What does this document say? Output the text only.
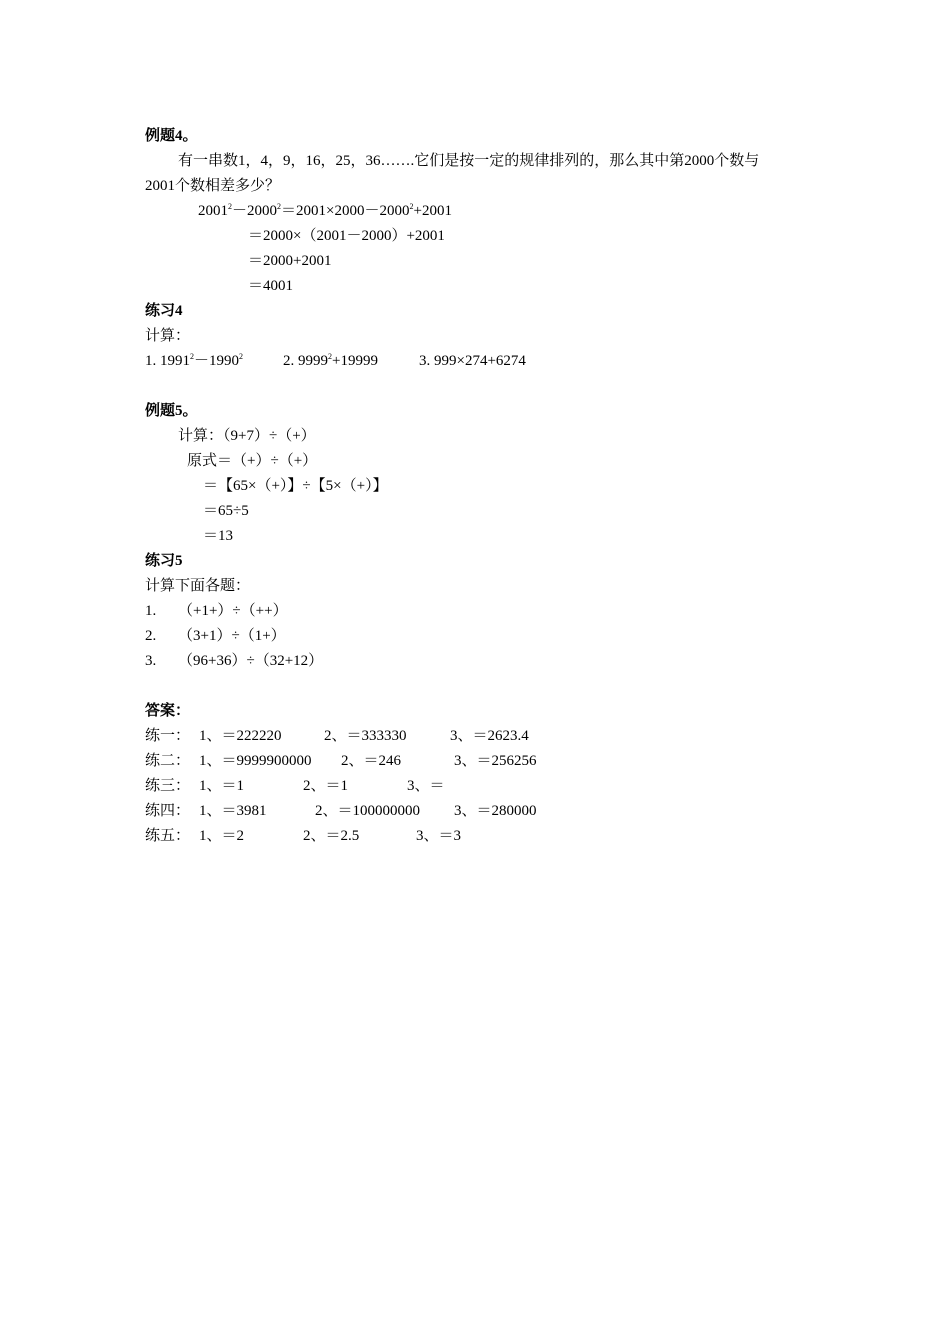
例题4。
有一串数1，4，9，16，25，36…….它们是按一定的规律排列的，那么其中第2000个数与
2001个数相差多少？
$2001^2-2000^2=2001\times 2000-2000^2+2001$
＝2000×（2001－2000）+2001
＝2000+2001
＝4001
练习4
计算：
1. $1991^2-1990^2$	2. $9999^2+19999$	3. 999×274+6274
例题5。
计算：（9+7）÷（+）
原式＝（+）÷（+）
＝【65×（+）】÷【5×（+）】
＝65÷5
＝13
练习5
计算下面各题：
1. （+1+）÷（++）
2. （3+1）÷（1+）
3. （96+36）÷（32+12）
答案：
练一： 1、＝222220	2、＝333330	3、＝2623.4
练二： 1、＝9999900000 2、＝246	3、＝256256
练三： 1、＝1	2、＝1	3、＝
练四： 1、＝3981	2、＝100000000 3、＝280000
练五： 1、＝2	2、＝2.5	3、＝3
